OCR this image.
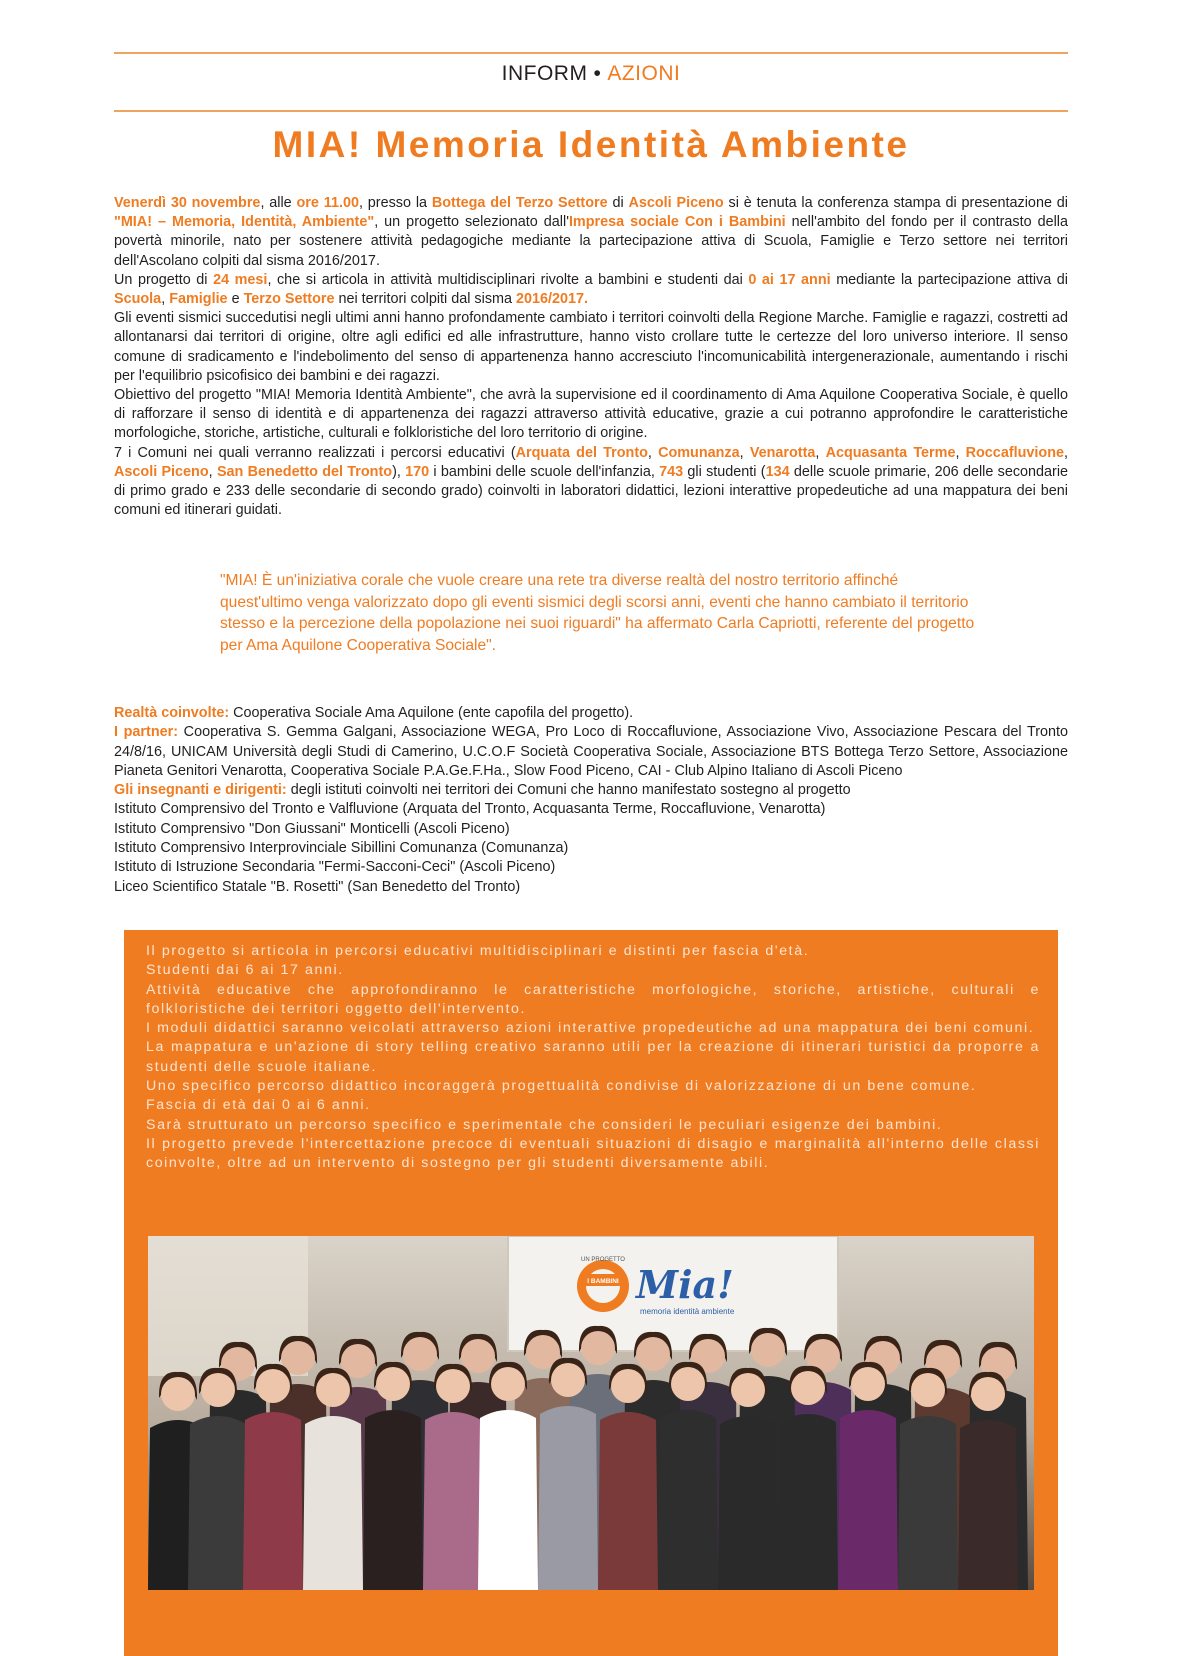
INFORM • AZIONI
MIA! Memoria Identità Ambiente

Venerdì 30 novembre, alle ore 11.00, presso la Bottega del Terzo Settore di Ascoli Piceno si è tenuta la conferenza stampa di presentazione di "MIA! – Memoria, Identità, Ambiente", un progetto selezionato dall'Impresa sociale Con i Bambini nell'ambito del fondo per il contrasto della povertà minorile, nato per sostenere attività pedagogiche mediante la partecipazione attiva di Scuola, Famiglie e Terzo settore nei territori dell'Ascolano colpiti dal sisma 2016/2017.

Un progetto di 24 mesi, che si articola in attività multidisciplinari rivolte a bambini e studenti dai 0 ai 17 anni mediante la partecipazione attiva di Scuola, Famiglie e Terzo Settore nei territori colpiti dal sisma 2016/2017.

Gli eventi sismici succedutisi negli ultimi anni hanno profondamente cambiato i territori coinvolti della Regione Marche. Famiglie e ragazzi, costretti ad allontanarsi dai territori di origine, oltre agli edifici ed alle infrastrutture, hanno visto crollare tutte le certezze del loro universo interiore. Il senso comune di sradicamento e l'indebolimento del senso di appartenenza hanno accresciuto l'incomunicabilità intergenerazionale, aumentando i rischi per l'equilibrio psicofisico dei bambini e dei ragazzi.

Obiettivo del progetto "MIA! Memoria Identità Ambiente", che avrà la supervisione ed il coordinamento di Ama Aquilone Cooperativa Sociale, è quello di rafforzare il senso di identità e di appartenenza dei ragazzi attraverso attività educative, grazie a cui potranno approfondire le caratteristiche morfologiche, storiche, artistiche, culturali e folkloristiche del loro territorio di origine.

7 i Comuni nei quali verranno realizzati i percorsi educativi (Arquata del Tronto, Comunanza, Venarotta, Acquasanta Terme, Roccafluvione, Ascoli Piceno, San Benedetto del Tronto), 170 i bambini delle scuole dell'infanzia, 743 gli studenti (134 delle scuole primarie, 206 delle secondarie di primo grado e 233 delle secondarie di secondo grado) coinvolti in laboratori didattici, lezioni interattive propedeutiche ad una mappatura dei beni comuni ed itinerari guidati.

"MIA! È un'iniziativa corale che vuole creare una rete tra diverse realtà del nostro territorio affinché quest'ultimo venga valorizzato dopo gli eventi sismici degli scorsi anni, eventi che hanno cambiato il territorio stesso e la percezione della popolazione nei suoi riguardi" ha affermato Carla Capriotti, referente del progetto per Ama Aquilone Cooperativa Sociale".

Realtà coinvolte: Cooperativa Sociale Ama Aquilone (ente capofila del progetto).

I partner: Cooperativa S. Gemma Galgani, Associazione WEGA, Pro Loco di Roccafluvione, Associazione Vivo, Associazione Pescara del Tronto 24/8/16, UNICAM Università degli Studi di Camerino, U.C.O.F Società Cooperativa Sociale, Associazione BTS Bottega Terzo Settore, Associazione Pianeta Genitori Venarotta, Cooperativa Sociale P.A.Ge.F.Ha., Slow Food Piceno, CAI - Club Alpino Italiano di Ascoli Piceno

Gli insegnanti e dirigenti: degli istituti coinvolti nei territori dei Comuni che hanno manifestato sostegno al progetto

Istituto Comprensivo del Tronto e Valfluvione (Arquata del Tronto, Acquasanta Terme, Roccafluvione, Venarotta)

Istituto Comprensivo "Don Giussani" Monticelli (Ascoli Piceno)

Istituto Comprensivo Interprovinciale Sibillini Comunanza (Comunanza)

Istituto di Istruzione Secondaria "Fermi-Sacconi-Ceci" (Ascoli Piceno)

Liceo Scientifico Statale "B. Rosetti" (San Benedetto del Tronto)

Il progetto si articola in percorsi educativi multidisciplinari e distinti per fascia d'età.

Studenti dai 6 ai 17 anni.

Attività educative che approfondiranno le caratteristiche morfologiche, storiche, artistiche, culturali e folkloristiche dei territori oggetto dell'intervento.

I moduli didattici saranno veicolati attraverso azioni interattive propedeutiche ad una mappatura dei beni comuni.

La mappatura e un'azione di story telling creativo saranno utili per la creazione di itinerari turistici da proporre a studenti delle scuole italiane.

Uno specifico percorso didattico incoraggerà progettualità condivise di valorizzazione di un bene comune.

Fascia di età dai 0 ai 6 anni.

Sarà strutturato un percorso specifico e sperimentale che consideri le peculiari esigenze dei bambini.

Il progetto prevede l'intercettazione precoce di eventuali situazioni di disagio e marginalità all'interno delle classi coinvolte, oltre ad un intervento di sostegno per gli studenti diversamente abili.

UN PROGETTO
I BAMBINI Mia!
memoria identità ambiente
